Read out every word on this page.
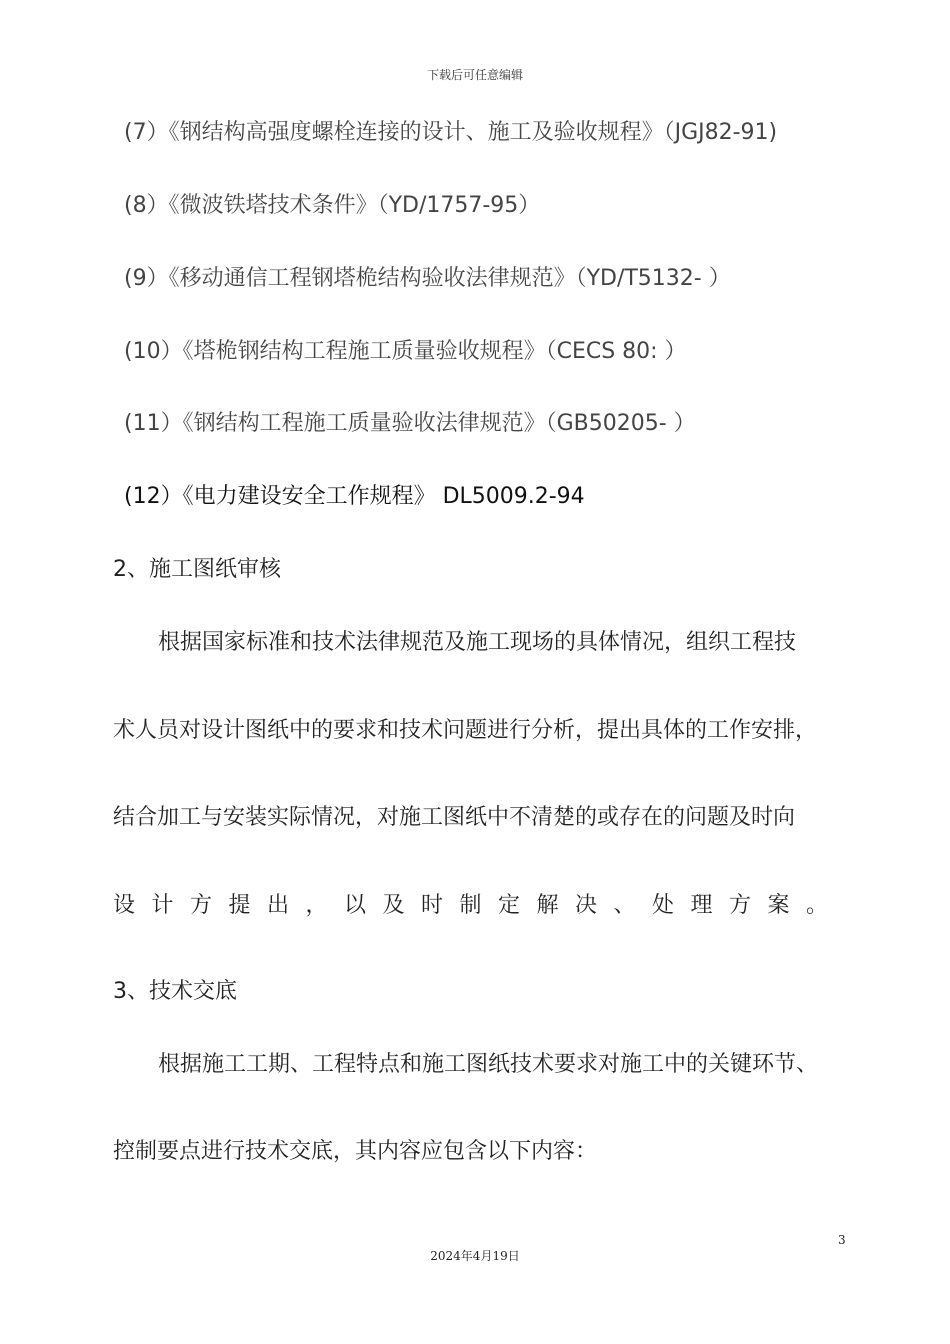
下载后可任意编辑
(7）《钢结构高强度螺栓连接的设计、施工及验收规程》（JGJ82-91)
(8）《微波铁塔技术条件》（YD/1757-95）
(9）《移动通信工程钢塔桅结构验收法律规范》（YD/T5132- ）
(10）《塔桅钢结构工程施工质量验收规程》（CECS 80: ）
(11）《钢结构工程施工质量验收法律规范》（GB50205- ）
(12）《电力建设安全工作规程》 DL5009.2-94
2、施工图纸审核
根据国家标准和技术法律规范及施工现场的具体情况，组织工程技
术人员对设计图纸中的要求和技术问题进行分析，提出具体的工作安排，
结合加工与安装实际情况，对施工图纸中不清楚的或存在的问题及时向
设计方提出，以及时制定解决、处理方案。
3、技术交底
根据施工工期、工程特点和施工图纸技术要求对施工中的关键环节、
控制要点进行技术交底，其内容应包含以下内容：
3
2024年4月19日
